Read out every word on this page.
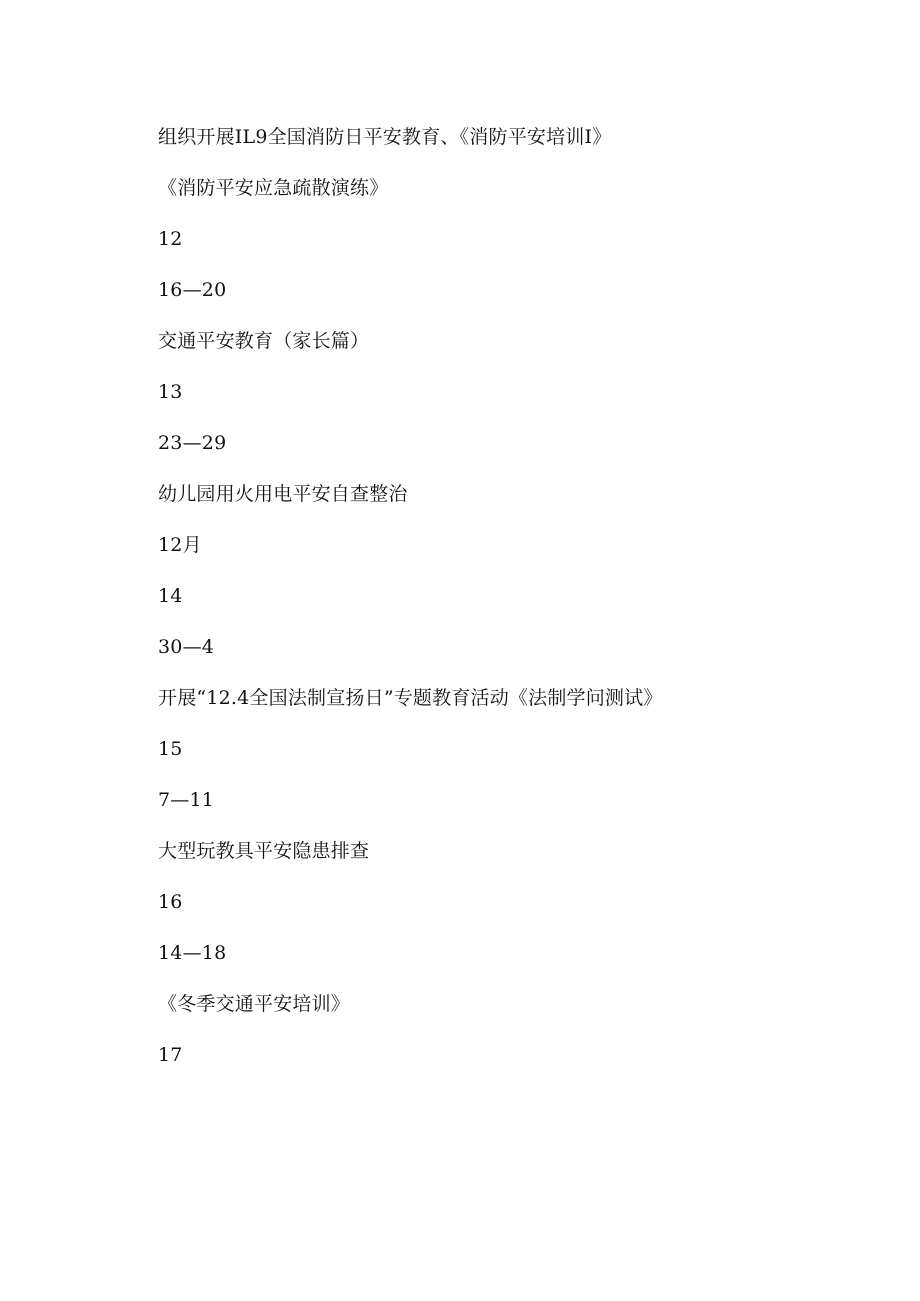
组织开展IL9全国消防日平安教育、《消防平安培训I》

《消防平安应急疏散演练》

12

16—20

交通平安教育（家长篇）

13

23—29

幼儿园用火用电平安自查整治

12月

14

30—4

开展“12.4全国法制宣扬日”专题教育活动《法制学问测试》

15

7—11

大型玩教具平安隐患排查

16

14—18

《冬季交通平安培训》

17
